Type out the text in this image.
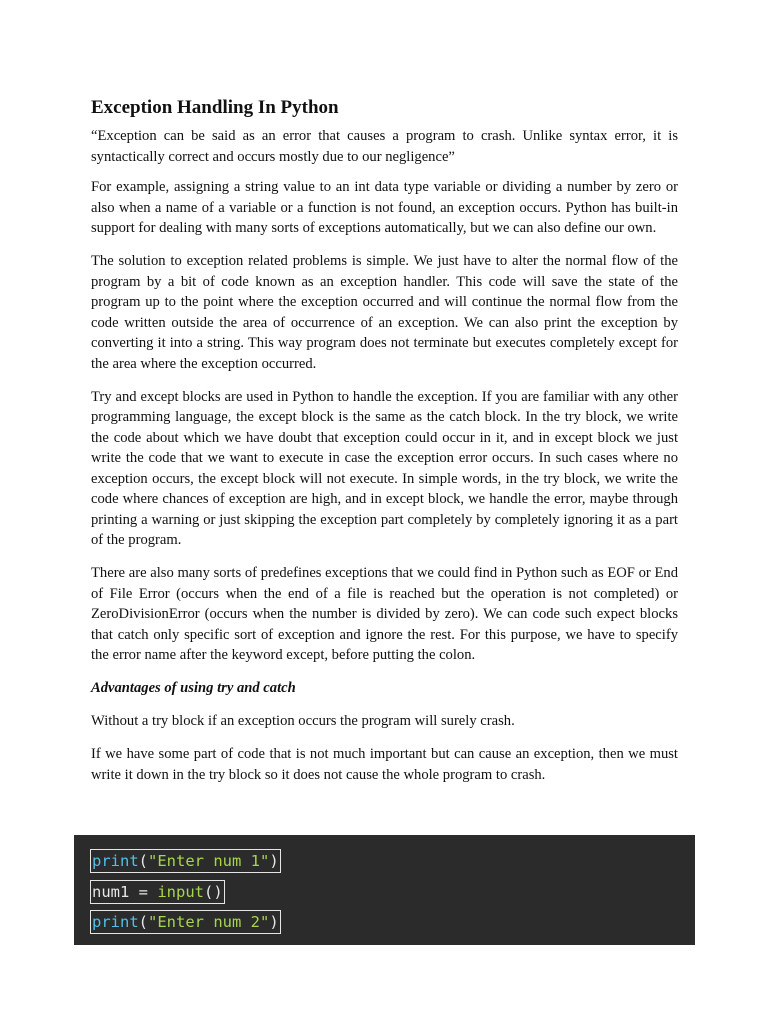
Exception Handling In Python

“Exception can be said as an error that causes a program to crash. Unlike syntax error, it is syntactically correct and occurs mostly due to our negligence”

For example, assigning a string value to an int data type variable or dividing a number by zero or also when a name of a variable or a function is not found, an exception occurs. Python has built-in support for dealing with many sorts of exceptions automatically, but we can also define our own.

The solution to exception related problems is simple. We just have to alter the normal flow of the program by a bit of code known as an exception handler. This code will save the state of the program up to the point where the exception occurred and will continue the normal flow from the code written outside the area of occurrence of an exception. We can also print the exception by converting it into a string. This way program does not terminate but executes completely except for the area where the exception occurred.

Try and except blocks are used in Python to handle the exception. If you are familiar with any other programming language, the except block is the same as the catch block. In the try block, we write the code about which we have doubt that exception could occur in it, and in except block we just write the code that we want to execute in case the exception error occurs. In such cases where no exception occurs, the except block will not execute. In simple words, in the try block, we write the code where chances of exception are high, and in except block, we handle the error, maybe through printing a warning or just skipping the exception part completely by completely ignoring it as a part of the program.

There are also many sorts of predefines exceptions that we could find in Python such as EOF or End of File Error (occurs when the end of a file is reached but the operation is not completed) or ZeroDivisionError (occurs when the number is divided by zero). We can code such expect blocks that catch only specific sort of exception and ignore the rest. For this purpose, we have to specify the error name after the keyword except, before putting the colon.

Advantages of using try and catch

Without a try block if an exception occurs the program will surely crash.

If we have some part of code that is not much important but can cause an exception, then we must write it down in the try block so it does not cause the whole program to crash.

print("Enter num 1")
num1 = input()
print("Enter num 2")
